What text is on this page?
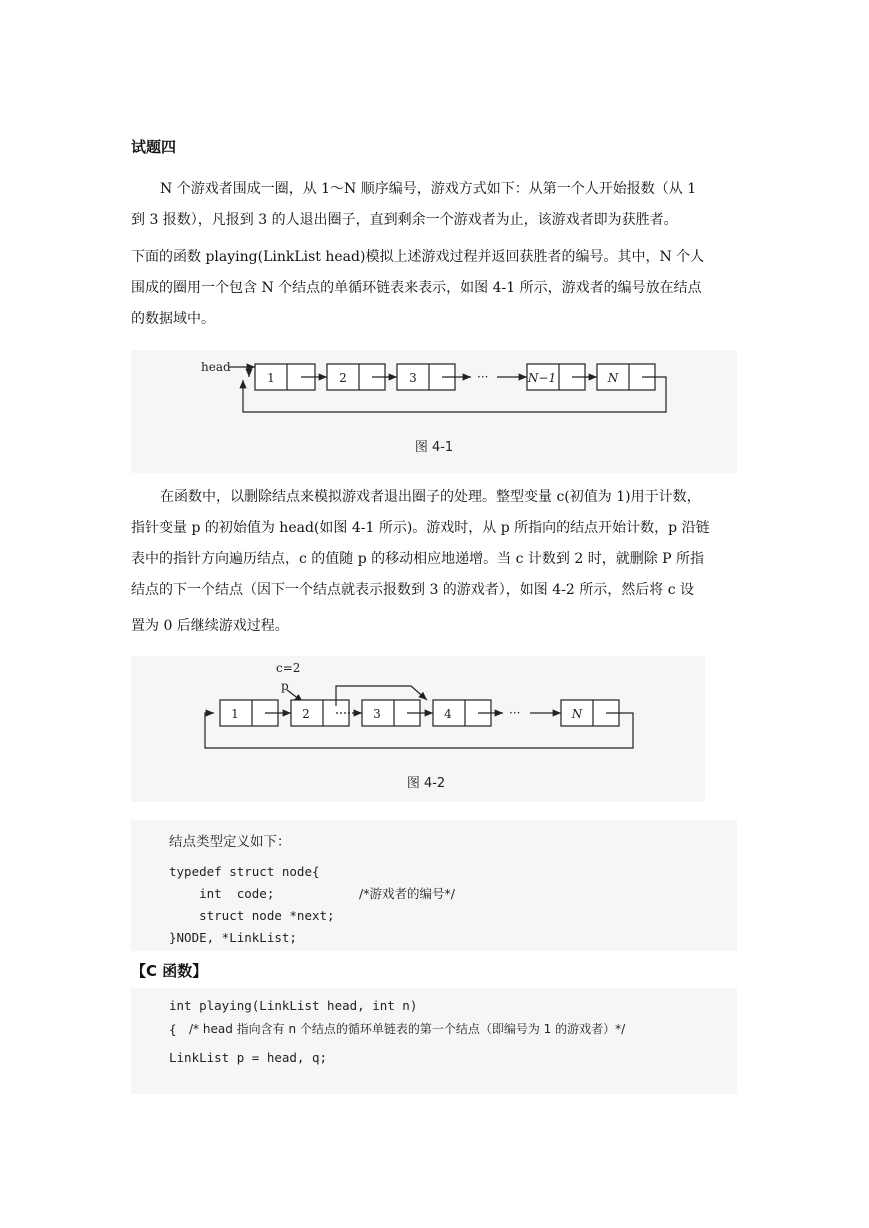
试题四
N 个游戏者围成一圈，从 1～N 顺序编号，游戏方式如下：从第一个人开始报数（从 1
到 3 报数），凡报到 3 的人退出圈子，直到剩余一个游戏者为止，该游戏者即为获胜者。
下面的函数 playing(LinkList head)模拟上述游戏过程并返回获胜者的编号。其中，N 个人
围成的圈用一个包含 N 个结点的单循环链表来表示，如图 4-1 所示，游戏者的编号放在结点
的数据域中。
head
1	2	3	···	N−1	N
图 4-1
在函数中，以删除结点来模拟游戏者退出圈子的处理。整型变量 c(初值为 1)用于计数，
指针变量 p 的初始值为 head(如图 4-1 所示)。游戏时，从 p 所指向的结点开始计数，p 沿链
表中的指针方向遍历结点，c 的值随 p 的移动相应地递增。当 c 计数到 2 时，就删除 P 所指
结点的下一个结点（因下一个结点就表示报数到 3 的游戏者），如图 4-2 所示，然后将 c 设
置为 0 后继续游戏过程。
c=2
p
1	2	3	4	···	N
图 4-2
结点类型定义如下：
typedef struct node{
int  code;	/*游戏者的编号*/
struct node *next;
}NODE, *LinkList;
【C 函数】
int playing(LinkList head, int n)
{ /* head 指向含有 n 个结点的循环单链表的第一个结点（即编号为 1 的游戏者）*/
LinkList p = head, q;
